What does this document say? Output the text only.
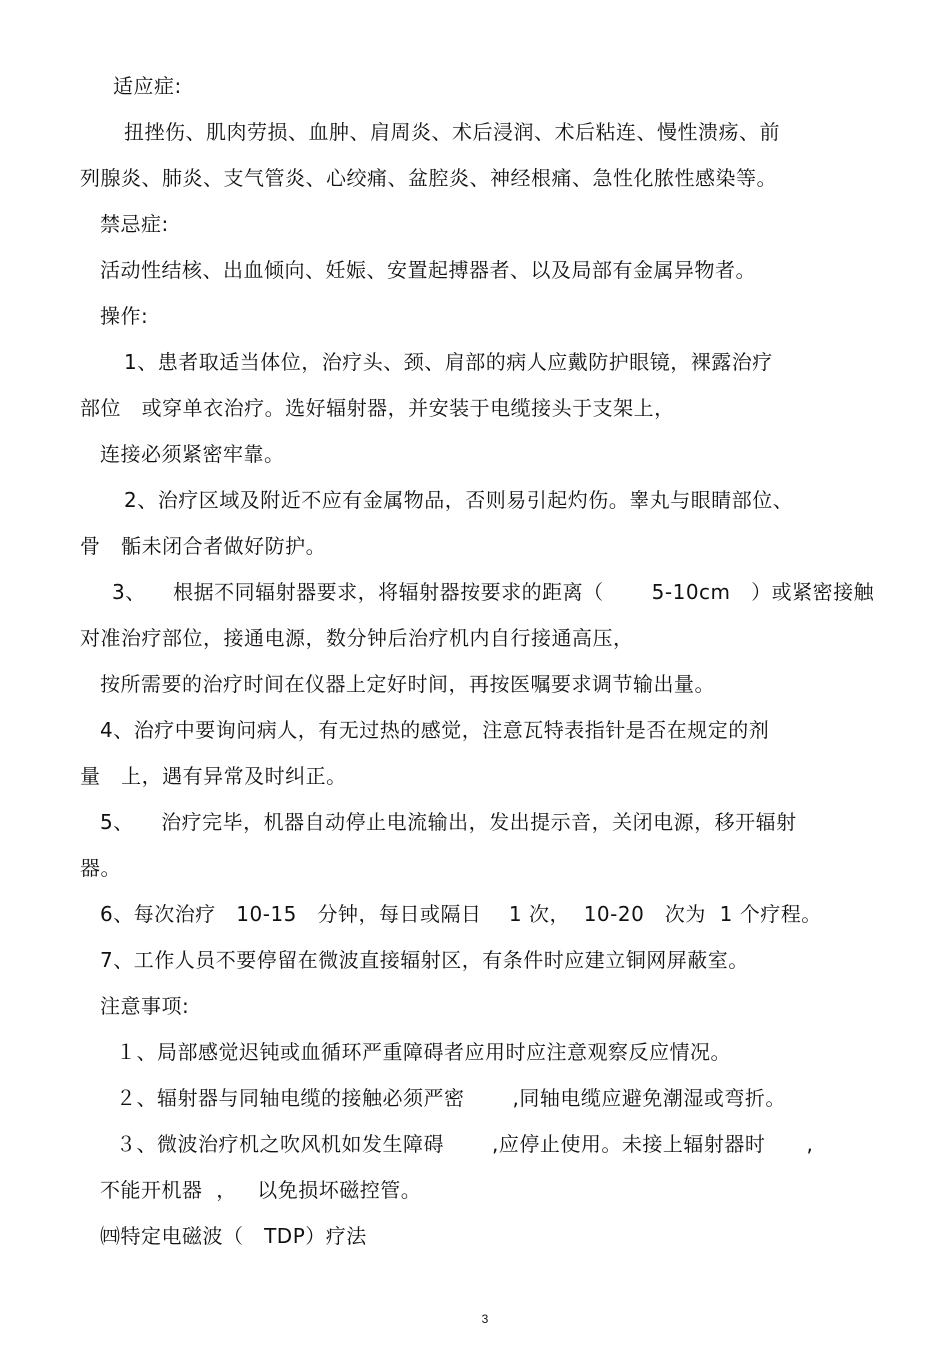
适应症:
扭挫伤、肌肉劳损、血肿、肩周炎、术后浸润、术后粘连、慢性溃疡、前
列腺炎、肺炎、支气管炎、心绞痛、盆腔炎、神经根痛、急性化脓性感染等。
禁忌症:
活动性结核、出血倾向、妊娠、安置起搏器者、以及局部有金属异物者。
操作:
1、患者取适当体位，治疗头、颈、肩部的病人应戴防护眼镜，裸露治疗
部位   或穿单衣治疗。选好辐射器，并安装于电缆接头于支架上，
连接必须紧密牢靠。
2、治疗区域及附近不应有金属物品，否则易引起灼伤。睾丸与眼睛部位、
骨   骺未闭合者做好防护。
3、    根据不同辐射器要求，将辐射器按要求的距离（       5-10cm   ）或紧密接触
对准治疗部位，接通电源，数分钟后治疗机内自行接通高压，
按所需要的治疗时间在仪器上定好时间，再按医嘱要求调节输出量。
4、治疗中要询问病人，有无过热的感觉，注意瓦特表指针是否在规定的剂
量   上，遇有异常及时纠正。
5、    治疗完毕，机器自动停止电流输出，发出提示音，关闭电源，移开辐射
器。
6、每次治疗   10-15   分钟，每日或隔日    1 次，  10-20   次为  1 个疗程。
7、工作人员不要停留在微波直接辐射区，有条件时应建立铜网屏蔽室。
注意事项:
１、局部感觉迟钝或血循环严重障碍者应用时应注意观察反应情况。
２、辐射器与同轴电缆的接触必须严密       ,同轴电缆应避免潮湿或弯折。
３、微波治疗机之吹风机如发生障碍       ,应停止使用。未接上辐射器时      ,
不能开机器  ，   以免损坏磁控管。
㈣特定电磁波（   TDP）疗法
3
